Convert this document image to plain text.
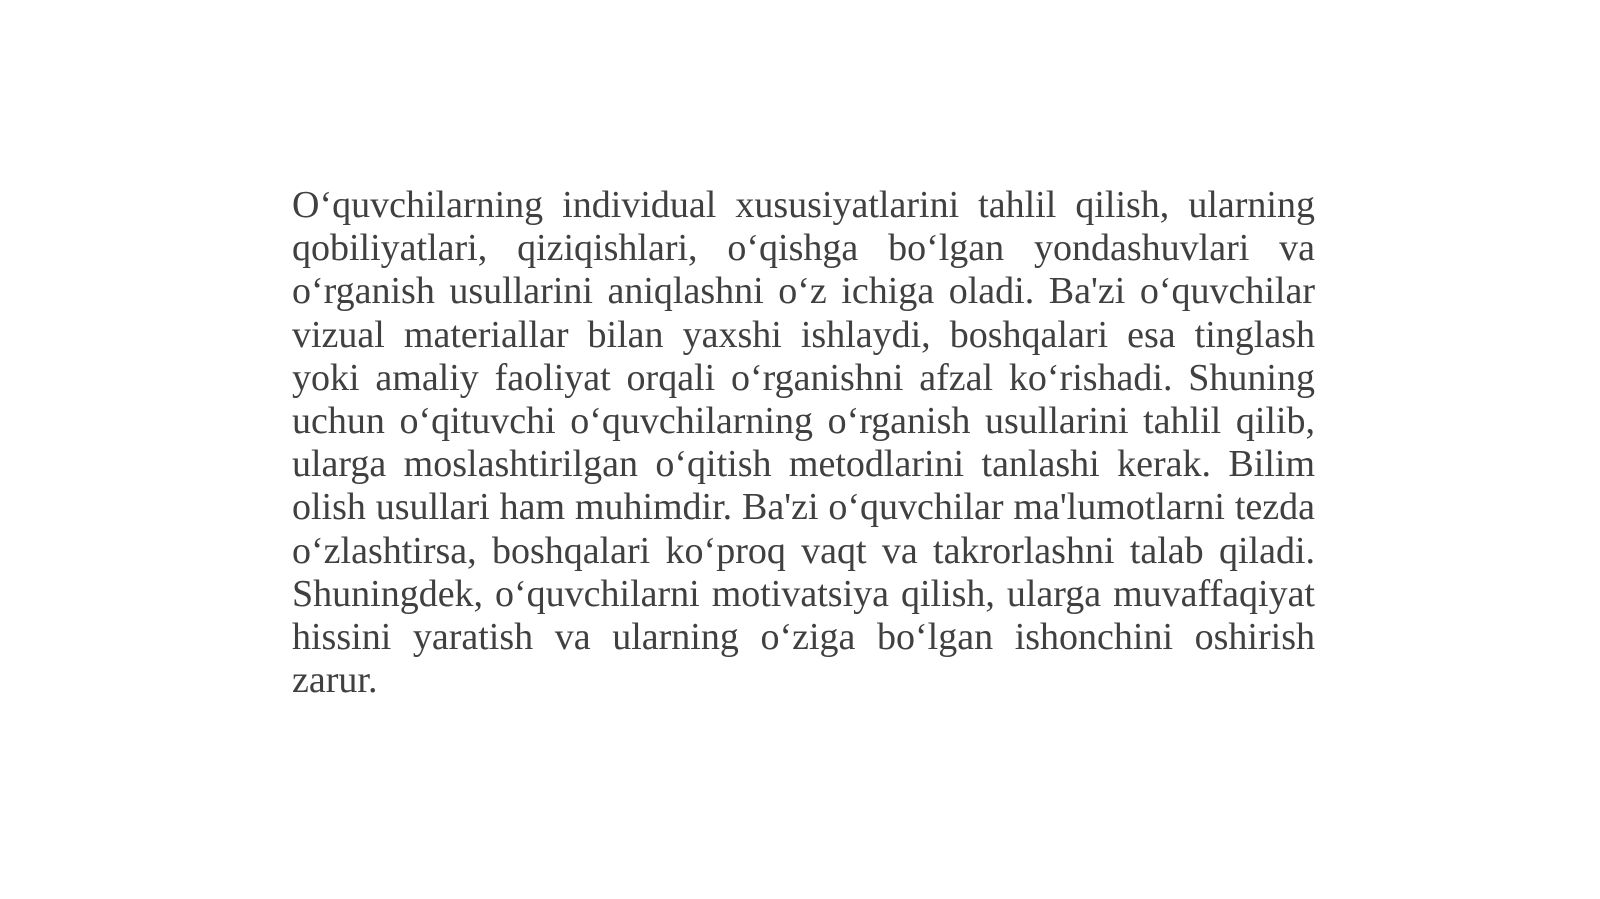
O‘quvchilarning individual xususiyatlarini tahlil qilish, ularning qobiliyatlari, qiziqishlari, o‘qishga bo‘lgan yondashuvlari va o‘rganish usullarini aniqlashni o‘z ichiga oladi. Ba'zi o‘quvchilar vizual materiallar bilan yaxshi ishlaydi, boshqalari esa tinglash yoki amaliy faoliyat orqali o‘rganishni afzal ko‘rishadi. Shuning uchun o‘qituvchi o‘quvchilarning o‘rganish usullarini tahlil qilib, ularga moslashtirilgan o‘qitish metodlarini tanlashi kerak. Bilim olish usullari ham muhimdir. Ba'zi o‘quvchilar ma'lumotlarni tezda o‘zlashtirsa, boshqalari ko‘proq vaqt va takrorlashni talab qiladi. Shuningdek, o‘quvchilarni motivatsiya qilish, ularga muvaffaqiyat hissini yaratish va ularning o‘ziga bo‘lgan ishonchini oshirish zarur.
